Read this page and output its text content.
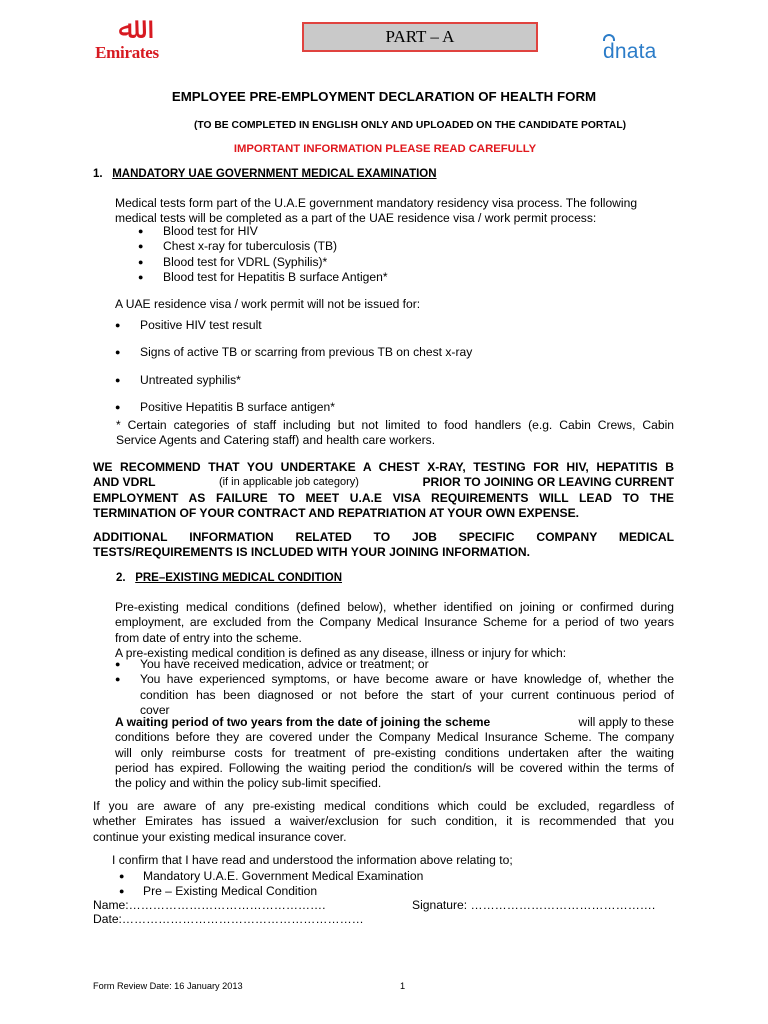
ﷲ
Emirates
PART – A
dnata
EMPLOYEE PRE-EMPLOYMENT DECLARATION OF HEALTH FORM
(TO BE COMPLETED IN ENGLISH ONLY AND UPLOADED ON THE CANDIDATE PORTAL)
IMPORTANT INFORMATION PLEASE READ CAREFULLY
1. MANDATORY UAE GOVERNMENT MEDICAL EXAMINATION
Medical tests form part of the U.A.E government mandatory residency visa process. The following
medical tests will be completed as a part of the UAE residence visa / work permit process:
● Blood test for HIV
● Chest x-ray for tuberculosis (TB)
● Blood test for VDRL (Syphilis)*
● Blood test for Hepatitis B surface Antigen*
A UAE residence visa / work permit will not be issued for:
● Positive HIV test result
● Signs of active TB or scarring from previous TB on chest x-ray
● Untreated syphilis*
● Positive Hepatitis B surface antigen*
* Certain categories of staff including but not limited to food handlers (e.g. Cabin Crews, Cabin
Service Agents and Catering staff) and health care workers.
WE RECOMMEND THAT YOU UNDERTAKE A CHEST X-RAY, TESTING FOR HIV, HEPATITIS B
AND VDRL	(if in applicable job category)	PRIOR TO JOINING OR LEAVING CURRENT
EMPLOYMENT AS FAILURE TO MEET U.A.E VISA REQUIREMENTS WILL LEAD TO THE
TERMINATION OF YOUR CONTRACT AND REPATRIATION AT YOUR OWN EXPENSE.
ADDITIONAL INFORMATION RELATED TO JOB SPECIFIC COMPANY MEDICAL
TESTS/REQUIREMENTS IS INCLUDED WITH YOUR JOINING INFORMATION.
2. PRE–EXISTING MEDICAL CONDITION
Pre-existing medical conditions (defined below), whether identified on joining or confirmed during
employment, are excluded from the Company Medical Insurance Scheme for a period of two years
from date of entry into the scheme.
A pre-existing medical condition is defined as any disease, illness or injury for which:
● You have received medication, advice or treatment; or
● You have experienced symptoms, or have become aware or have knowledge of, whether the
condition has been diagnosed or not before the start of your current continuous period of
cover
A waiting period of two years from the date of joining the scheme	will apply to these
conditions before they are covered under the Company Medical Insurance Scheme. The company
will only reimburse costs for treatment of pre-existing conditions undertaken after the waiting
period has expired. Following the waiting period the condition/s will be covered within the terms of
the policy and within the policy sub-limit specified.
If you are aware of any pre-existing medical conditions which could be excluded, regardless of
whether Emirates has issued a waiver/exclusion for such condition, it is recommended that you
continue your existing medical insurance cover.
I confirm that I have read and understood the information above relating to;
● Mandatory U.A.E. Government Medical Examination
● Pre – Existing Medical Condition
Name:………………………………………….	Signature: ……………………………………….
Date:……………………………………………………
Form Review Date: 16 January 2013	1
